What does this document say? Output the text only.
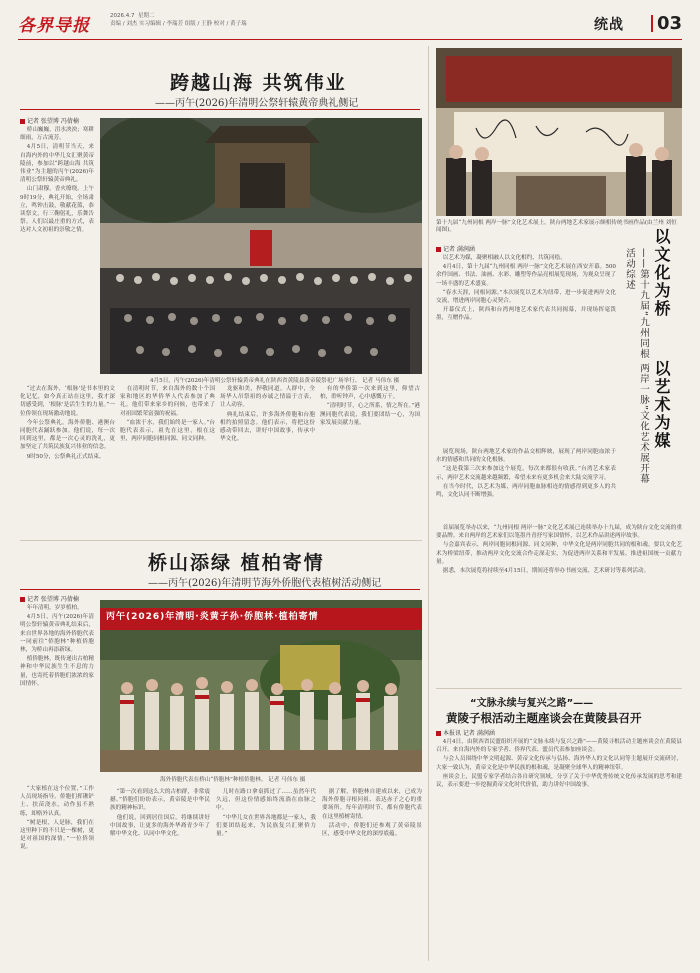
各界导报	2026.4.7 星期二
责编 / 刘杰 实习编辑 / 李瑞芳 组版 / 王静 校对 / 黄子瑞	统战 03
跨越山海 共筑伟业
——丙午(2026)年清明公祭轩辕黄帝典礼侧记
记者 张望博 冯倩楠

桥山巍巍，沮水泱泱；寒耕细雨，万古流芳。

4月5日，清明节当天，来自海内外的中华儿女汇聚黄帝陵前，参加以“跨越山海 共筑伟业”为主题的丙午(2026)年清明公祭轩辕黄帝典礼。

山门肃穆，香火缭绕。上午9时19分，典礼开始，全场肃立，鸣钟击鼓，敬献花篮，恭读祭文，行三鞠躬礼，乐舞告祭。人们以最庄重的方式，表达对人文初祖的崇敬之情。

4月5日，丙午(2026)年清明公祭轩辕黄帝典礼在陕西省黄陵县黄帝陵祭祀广场举行。 记者 马伟东 摄

“过去在海外，‘根脉’是书本里的文化记忆，如今真正站在这里，我才深切感受到，‘根脉’是活生生的力量。”一位侨领在现场激动地说。

今年公祭典礼，海外侨胞、港澳台同胞代表踊跃参加。他们说，每一次回到这里，都是一次心灵的洗礼，更加坚定了共筑民族复兴伟业的信念。

9时50分，公祭典礼正式结束。

在清明时节，来自海外的数十个国家和地区的华侨华人代表参加了典礼。他们带来家乡的问候，也带来了对祖国繁荣富强的祝福。

“血浓于水，我们始终是一家人。”台胞代表表示，祖先在这里，根在这里，两岸同胞同根同源、同文同种。

龙驱和美，捍敬同道。人群中，全场华人吊祭祖的赤诚之情溢于言表，让人动容。

典礼结束后，许多海外侨胞和台胞相约拍照留念。他们表示，将把这份感动带回去，讲好中国故事，传承中华文化。

有的华侨第一次来到这里，仰望古柏，聆听钟声，心中感慨万千。

“清明时节，心之所系，情之所在。”港澳同胞代表说，我们要团结一心，为国家发展贡献力量。

桥山添绿 植柏寄情
——丙午(2026)年清明节海外侨胞代表植树活动侧记
记者 张望博 冯倩楠

年年清明，岁岁植柏。

4月5日，丙午(2026)年清明公祭轩辕黄帝典礼结束后，来自世界各地的海外侨胞代表一同前往“侨胞林”种植侨胞林，为桥山再添新绿。

植侨胞林，既传递出古柏精神和中华民族生生不息的力量，也寄托着侨胞们浓浓的家国情怀。

丙午(2026)年清明·炎黄子孙·侨胞林·植柏寄情
海外侨胞代表在桥山“侨胞林”种植侨胞林。 记者 马伟东 摄

“大家植在这个位置，”工作人员现场指导。侨胞们挥锹铲土、扶苗浇水，动作虽不熟练，却格外认真。

“树是根，人是脉，我们在这里种下的不只是一棵树，更是对祖国的深情。”一位侨领说。

“第一次看到这么大的古柏群，非常震撼。”侨胞们纷纷表示，黄帝陵是中华民族的精神标识。

他们说，回到居住国后，将继续讲好中国故事，让更多的海外华裔青少年了解中华文化、认同中华文化。

儿时在路口拿桌抓过了……虽然年代久远，但这份情感始终流淌在血脉之中。

“中华儿女在世界各地都是一家人，我们要团结起来，为民族复兴汇聚侨力量。”

据了解，侨胞林自建成以来，已成为海外侨胞寻根问祖、表达赤子之心的重要场所。每年清明时节，都有侨胞代表在这里植树寄情。

活动中，侨胞们还参观了黄帝陵景区，感受中华文化的深厚底蕴。

第十九届“九州同根 两岸一脉”文化艺术展上，陕台两地艺术家展示颇相传统书画作品(由兰州 刘恒闻图)。
记者 满润涵

以艺术为媒，凝聚相融人以文化相约，共筑同绘。

4月4日，第十九届“九州同根 两岸一脉”文化艺术展在西安开幕。500余件国画、书法、油画、水彩、雕塑等作品亮相展览现场，为观众呈现了一场丰盛的艺术盛宴。

“春水天涯，同根同源。”本次展览以艺术为纽带，进一步促进两岸文化交流，增进两岸同胞心灵契合。

开幕仪式上，陕西和台湾两地艺术家代表共同揭幕，并现场挥毫泼墨，互赠作品。	——第十九届“九州同根 两岸一脉”文化艺术展开幕活动综述	以文化为桥
以艺术为媒

展览现场，陕台两地艺术家的作品交相辉映，展现了两岸同胞血浓于水的情感和共同的文化根脉。

“这是我第三次来参加这个展览，每次来都很有收获。”台湾艺术家表示，两岸艺术交流越来越频繁，希望未来有更多机会来大陆交流学习。

在当今时代，以艺术为媒，两岸同胞血脉相连的情感得到更多人的共鸣，文化认同不断增强。

首届展览举办以来，“九州同根 两岸一脉”文化艺术展已连续举办十九届，成为陕台文化交流的重要品牌。来自两岸的艺术家们以笔墨丹青抒写家国情怀，以艺术作品讲述两岸故事。

与会嘉宾表示，两岸同胞同根同源、同文同种，中华文化是两岸同胞共同的根和魂。要以文化艺术为桥梁纽带，推动两岸文化交流合作走深走实，为促进两岸关系和平发展、推进祖国统一贡献力量。

据悉，本次展览将持续至4月15日，期间还将举办书画交流、艺术研讨等系列活动。

“文脉永续与复兴之路”——
黄陵子根活动主题座谈会在黄陵县召开
本报讯 记者 满润涵

4月4日，由陕西省民盟组织开展的“文脉永续与复兴之路”——黄陵寻根活动主题座谈会在黄陵县召开。来自海内外的专家学者、侨界代表、盟员代表参加座谈会。

与会人员围绕中华文明起源、黄帝文化传承与弘扬、海外华人的文化认同等主题展开交流研讨，大家一致认为，黄帝文化是中华民族的根和魂，是凝聚全球华人的精神纽带。

座谈会上，民盟专家学者结合各自研究领域，分享了关于中华优秀传统文化传承发展的思考和建议，表示要进一步挖掘黄帝文化时代价值，助力讲好中国故事。
